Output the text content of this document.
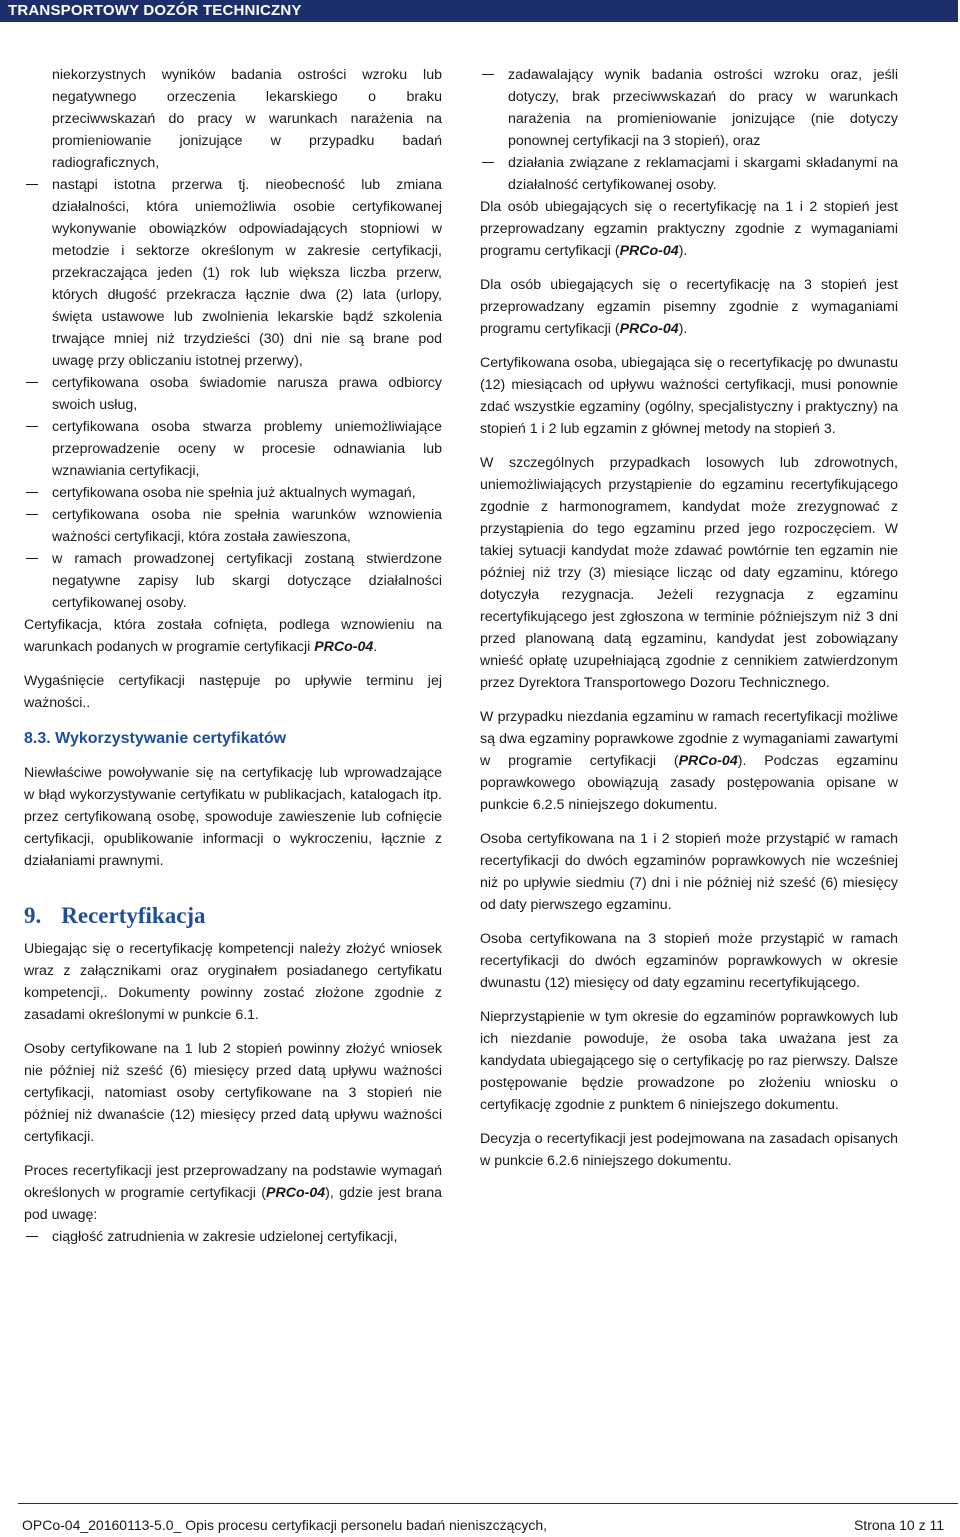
TRANSPORTOWY DOZÓR TECHNICZNY
niekorzystnych wyników badania ostrości wzroku lub negatywnego orzeczenia lekarskiego o braku przeciwwskazań do pracy w warunkach narażenia na promieniowanie jonizujące w przypadku badań radiograficznych,
nastąpi istotna przerwa tj. nieobecność lub zmiana działalności, która uniemożliwia osobie certyfikowanej wykonywanie obowiązków odpowiadających stopniowi w metodzie i sektorze określonym w zakresie certyfikacji, przekraczająca jeden (1) rok lub większa liczba przerw, których długość przekracza łącznie dwa (2) lata (urlopy, święta ustawowe lub zwolnienia lekarskie bądź szkolenia trwające mniej niż trzydzieści (30) dni nie są brane pod uwagę przy obliczaniu istotnej przerwy),
certyfikowana osoba świadomie narusza prawa odbiorcy swoich usług,
certyfikowana osoba stwarza problemy uniemożliwiające przeprowadzenie oceny w procesie odnawiania lub wznawiania certyfikacji,
certyfikowana osoba nie spełnia już aktualnych wymagań,
certyfikowana osoba nie spełnia warunków wznowienia ważności certyfikacji, która została zawieszona,
w ramach prowadzonej certyfikacji zostaną stwierdzone negatywne zapisy lub skargi dotyczące działalności certyfikowanej osoby.

Certyfikacja, która została cofnięta, podlega wznowieniu na warunkach podanych w programie certyfikacji PRCo-04.

Wygaśnięcie certyfikacji następuje po upływie terminu jej ważności..

8.3. Wykorzystywanie certyfikatów

Niewłaściwe powoływanie się na certyfikację lub wprowadzające w błąd wykorzystywanie certyfikatu w publikacjach, katalogach itp. przez certyfikowaną osobę, spowoduje zawieszenie lub cofnięcie certyfikacji, opublikowanie informacji o wykroczeniu, łącznie z działaniami prawnymi.

9. Recertyfikacja

Ubiegając się o recertyfikację kompetencji należy złożyć wniosek wraz z załącznikami oraz oryginałem posiadanego certyfikatu kompetencji,. Dokumenty powinny zostać złożone zgodnie z zasadami określonymi w punkcie 6.1.

Osoby certyfikowane na 1 lub 2 stopień powinny złożyć wniosek nie później niż sześć (6) miesięcy przed datą upływu ważności certyfikacji, natomiast osoby certyfikowane na 3 stopień nie później niż dwanaście (12) miesięcy przed datą upływu ważności certyfikacji.

Proces recertyfikacji jest przeprowadzany na podstawie wymagań określonych w programie certyfikacji (PRCo-04), gdzie jest brana pod uwagę:

ciągłość zatrudnienia w zakresie udzielonej certyfikacji,
zadawalający wynik badania ostrości wzroku oraz, jeśli dotyczy, brak przeciwwskazań do pracy w warunkach narażenia na promieniowanie jonizujące (nie dotyczy ponownej certyfikacji na 3 stopień), oraz
działania związane z reklamacjami i skargami składanymi na działalność certyfikowanej osoby.

Dla osób ubiegających się o recertyfikację na 1 i 2 stopień jest przeprowadzany egzamin praktyczny zgodnie z wymaganiami programu certyfikacji (PRCo-04).

Dla osób ubiegających się o recertyfikację na 3 stopień jest przeprowadzany egzamin pisemny zgodnie z wymaganiami programu certyfikacji (PRCo-04).

Certyfikowana osoba, ubiegająca się o recertyfikację po dwunastu (12) miesiącach od upływu ważności certyfikacji, musi ponownie zdać wszystkie egzaminy (ogólny, specjalistyczny i praktyczny) na stopień 1 i 2 lub egzamin z głównej metody na stopień 3.

W szczególnych przypadkach losowych lub zdrowotnych, uniemożliwiających przystąpienie do egzaminu recertyfikującego zgodnie z harmonogramem, kandydat może zrezygnować z przystąpienia do tego egzaminu przed jego rozpoczęciem. W takiej sytuacji kandydat może zdawać powtórnie ten egzamin nie później niż trzy (3) miesiące licząc od daty egzaminu, którego dotyczyła rezygnacja. Jeżeli rezygnacja z egzaminu recertyfikującego jest zgłoszona w terminie późniejszym niż 3 dni przed planowaną datą egzaminu, kandydat jest zobowiązany wnieść opłatę uzupełniającą zgodnie z cennikiem zatwierdzonym przez Dyrektora Transportowego Dozoru Technicznego.

W przypadku niezdania egzaminu w ramach recertyfikacji możliwe są dwa egzaminy poprawkowe zgodnie z wymaganiami zawartymi w programie certyfikacji (PRCo-04). Podczas egzaminu poprawkowego obowiązują zasady postępowania opisane w punkcie 6.2.5 niniejszego dokumentu.

Osoba certyfikowana na 1 i 2 stopień może przystąpić w ramach recertyfikacji do dwóch egzaminów poprawkowych nie wcześniej niż po upływie siedmiu (7) dni i nie później niż sześć (6) miesięcy od daty pierwszego egzaminu.

Osoba certyfikowana na 3 stopień może przystąpić w ramach recertyfikacji do dwóch egzaminów poprawkowych w okresie dwunastu (12) miesięcy od daty egzaminu recertyfikującego.

Nieprzystąpienie w tym okresie do egzaminów poprawkowych lub ich niezdanie powoduje, że osoba taka uważana jest za kandydata ubiegającego się o certyfikację po raz pierwszy. Dalsze postępowanie będzie prowadzone po złożeniu wniosku o certyfikację zgodnie z punktem 6 niniejszego dokumentu.

Decyzja o recertyfikacji jest podejmowana na zasadach opisanych w punkcie 6.2.6 niniejszego dokumentu.

OPCo-04_20160113-5.0_ Opis procesu certyfikacji personelu badań nieniszczących,	Strona 10 z 11
